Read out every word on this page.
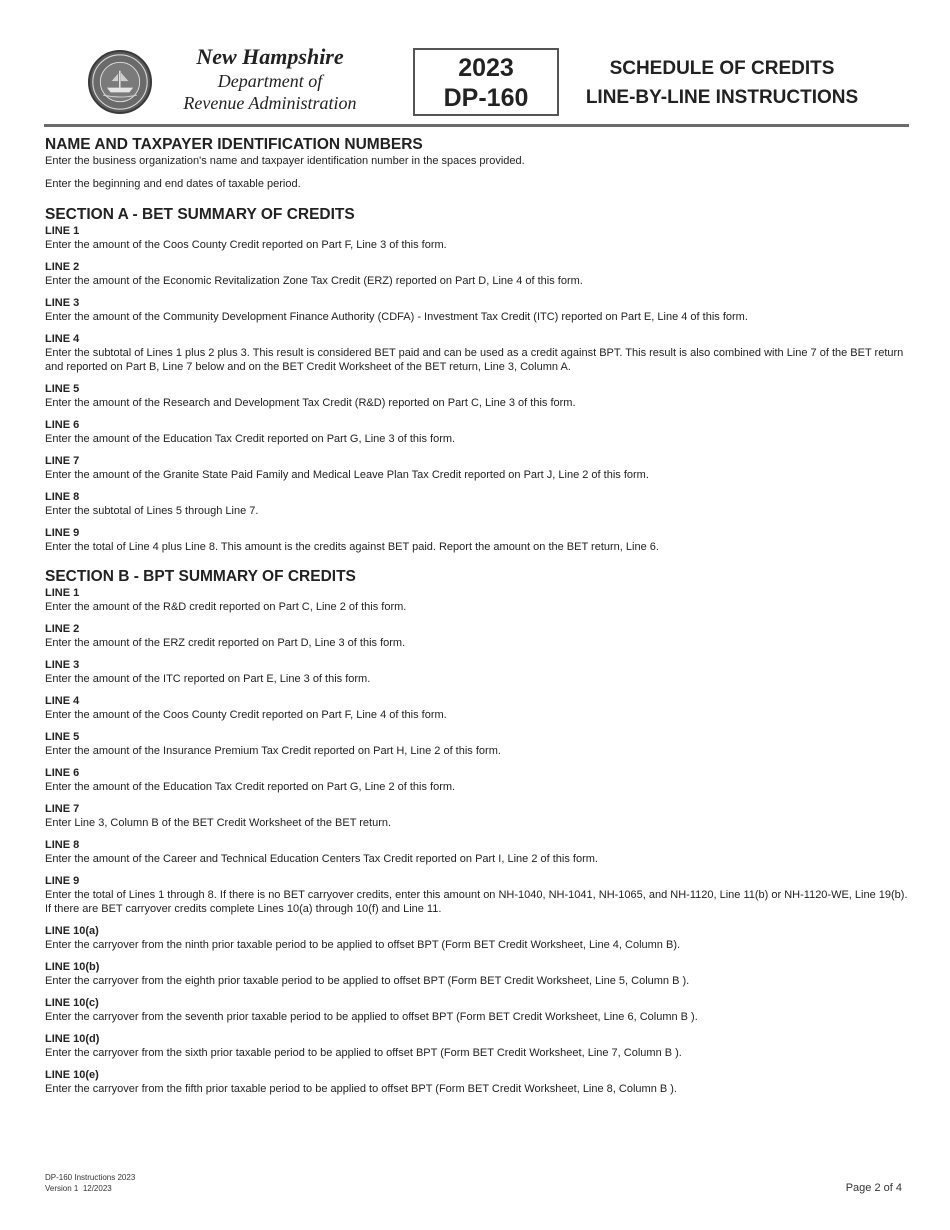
New Hampshire
Department of
Revenue Administration
2023
DP-160
SCHEDULE OF CREDITS
LINE-BY-LINE INSTRUCTIONS
NAME AND TAXPAYER IDENTIFICATION NUMBERS

Enter the business organization's name and taxpayer identification number in the spaces provided.

Enter the beginning and end dates of taxable period.

SECTION A - BET SUMMARY OF CREDITS
LINE 1
Enter the amount of the Coos County Credit reported on Part F, Line 3 of this form.
LINE 2
Enter the amount of the Economic Revitalization Zone Tax Credit (ERZ) reported on Part D, Line 4 of this form.
LINE 3
Enter the amount of the Community Development Finance Authority (CDFA) - Investment Tax Credit (ITC) reported on Part E, Line 4 of this form.
LINE 4
Enter the subtotal of Lines 1 plus 2 plus 3. This result is considered BET paid and can be used as a credit against BPT. This result is also combined with Line 7 of the BET return and reported on Part B, Line 7 below and on the BET Credit Worksheet of the BET return, Line 3, Column A.
LINE 5
Enter the amount of the Research and Development Tax Credit (R&D) reported on Part C, Line 3 of this form.
LINE 6
Enter the amount of the Education Tax Credit reported on Part G, Line 3 of this form.
LINE 7
Enter the amount of the Granite State Paid Family and Medical Leave Plan Tax Credit reported on Part J, Line 2 of this form.
LINE 8
Enter the subtotal of Lines 5 through Line 7.
LINE 9
Enter the total of Line 4 plus Line 8. This amount is the credits against BET paid. Report the amount on the BET return, Line 6.
SECTION B - BPT SUMMARY OF CREDITS
LINE 1
Enter the amount of the R&D credit reported on Part C, Line 2 of this form.
LINE 2
Enter the amount of the ERZ credit reported on Part D, Line 3 of this form.
LINE 3
Enter the amount of the ITC reported on Part E, Line 3 of this form.
LINE 4
Enter the amount of the Coos County Credit reported on Part F, Line 4 of this form.
LINE 5
Enter the amount of the Insurance Premium Tax Credit reported on Part H, Line 2 of this form.
LINE 6
Enter the amount of the Education Tax Credit reported on Part G, Line 2 of this form.
LINE 7
Enter Line 3, Column B of the BET Credit Worksheet of the BET return.
LINE 8
Enter the amount of the Career and Technical Education Centers Tax Credit reported on Part I, Line 2 of this form.
LINE 9
Enter the total of Lines 1 through 8. If there is no BET carryover credits, enter this amount on NH-1040, NH-1041, NH-1065, and NH-1120, Line 11(b) or NH-1120-WE, Line 19(b). If there are BET carryover credits complete Lines 10(a) through 10(f) and Line 11.
LINE 10(a)
Enter the carryover from the ninth prior taxable period to be applied to offset BPT (Form BET Credit Worksheet, Line 4, Column B).
LINE 10(b)
Enter the carryover from the eighth prior taxable period to be applied to offset BPT (Form BET Credit Worksheet, Line 5, Column B ).
LINE 10(c)
Enter the carryover from the seventh prior taxable period to be applied to offset BPT (Form BET Credit Worksheet, Line 6, Column B ).
LINE 10(d)
Enter the carryover from the sixth prior taxable period to be applied to offset BPT (Form BET Credit Worksheet, Line 7, Column B ).
LINE 10(e)
Enter the carryover from the fifth prior taxable period to be applied to offset BPT (Form BET Credit Worksheet, Line 8, Column B ).
DP-160 Instructions 2023
Version 1 12/2023	Page 2 of 4
